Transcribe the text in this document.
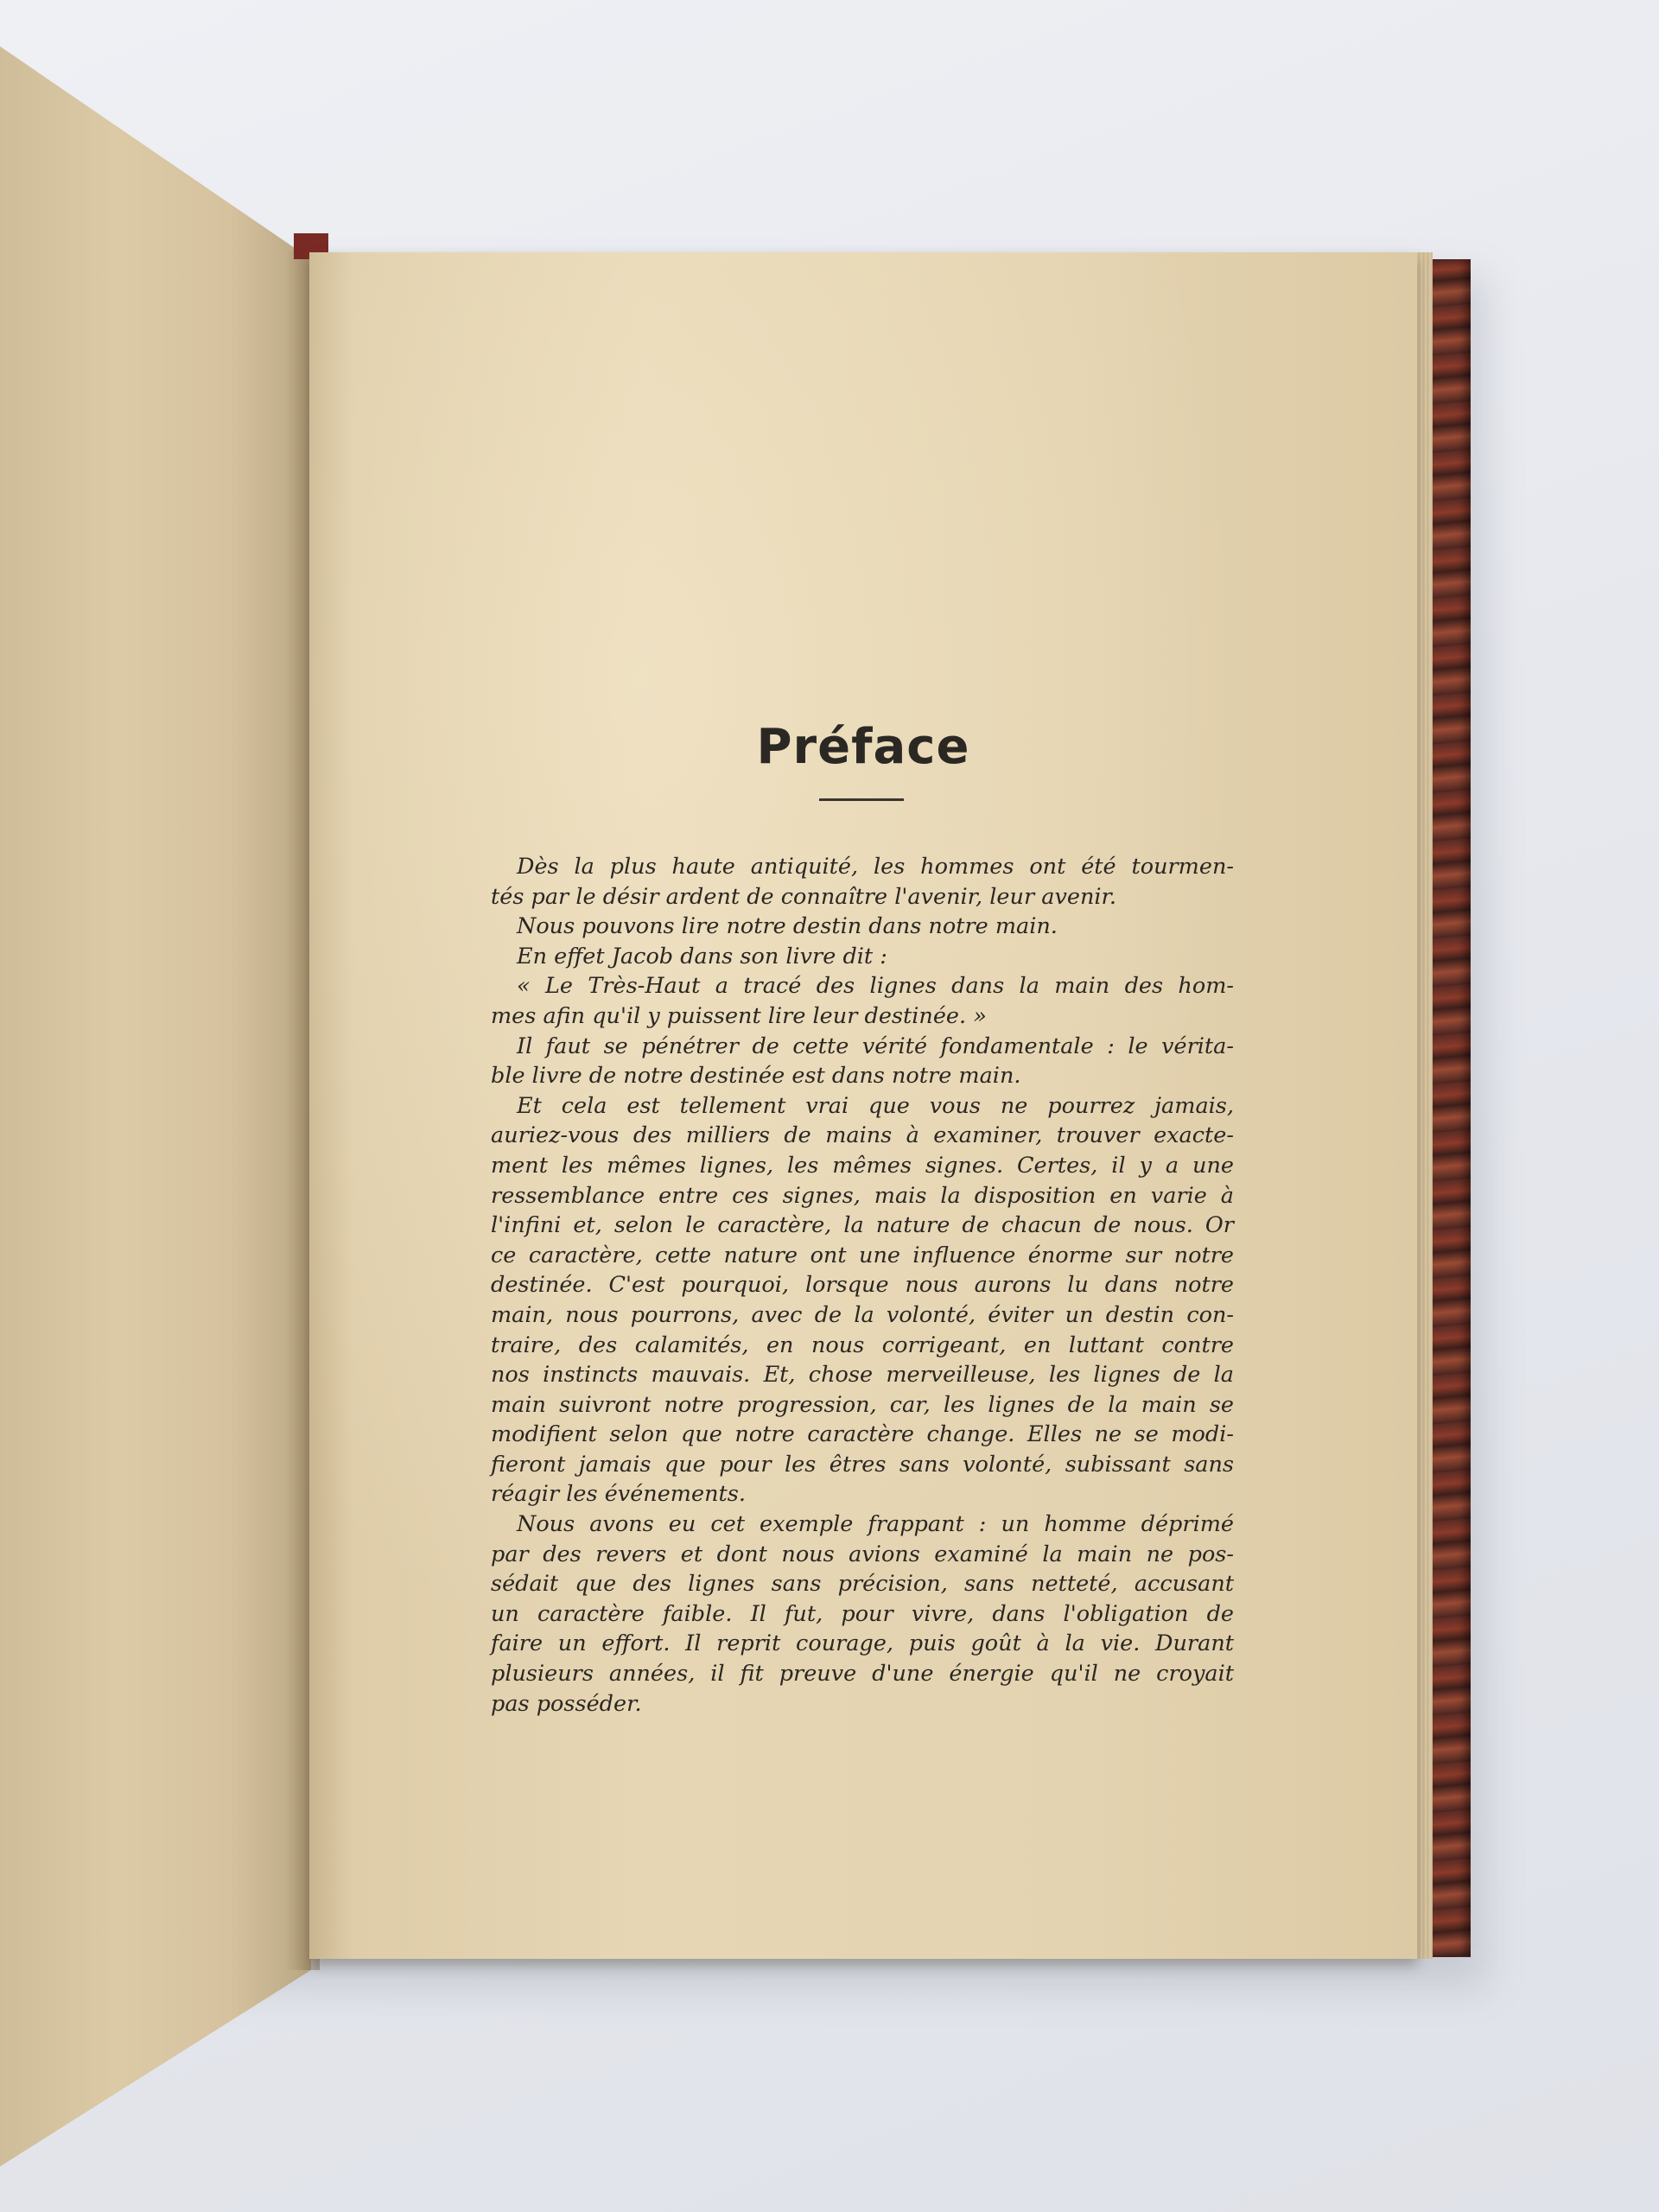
Préface
Dès la plus haute antiquité, les hommes ont été tourmen-
tés par le désir ardent de connaître l'avenir, leur avenir.
Nous pouvons lire notre destin dans notre main.
En effet Jacob dans son livre dit :
« Le Très-Haut a tracé des lignes dans la main des hom-
mes afin qu'il y puissent lire leur destinée. »
Il faut se pénétrer de cette vérité fondamentale : le vérita-
ble livre de notre destinée est dans notre main.
Et cela est tellement vrai que vous ne pourrez jamais,
auriez-vous des milliers de mains à examiner, trouver exacte-
ment les mêmes lignes, les mêmes signes. Certes, il y a une
ressemblance entre ces signes, mais la disposition en varie à
l'infini et, selon le caractère, la nature de chacun de nous. Or
ce caractère, cette nature ont une influence énorme sur notre
destinée. C'est pourquoi, lorsque nous aurons lu dans notre
main, nous pourrons, avec de la volonté, éviter un destin con-
traire, des calamités, en nous corrigeant, en luttant contre
nos instincts mauvais. Et, chose merveilleuse, les lignes de la
main suivront notre progression, car, les lignes de la main se
modifient selon que notre caractère change. Elles ne se modi-
fieront jamais que pour les êtres sans volonté, subissant sans
réagir les événements.
Nous avons eu cet exemple frappant : un homme déprimé
par des revers et dont nous avions examiné la main ne pos-
sédait que des lignes sans précision, sans netteté, accusant
un caractère faible. Il fut, pour vivre, dans l'obligation de
faire un effort. Il reprit courage, puis goût à la vie. Durant
plusieurs années, il fit preuve d'une énergie qu'il ne croyait
pas posséder.
